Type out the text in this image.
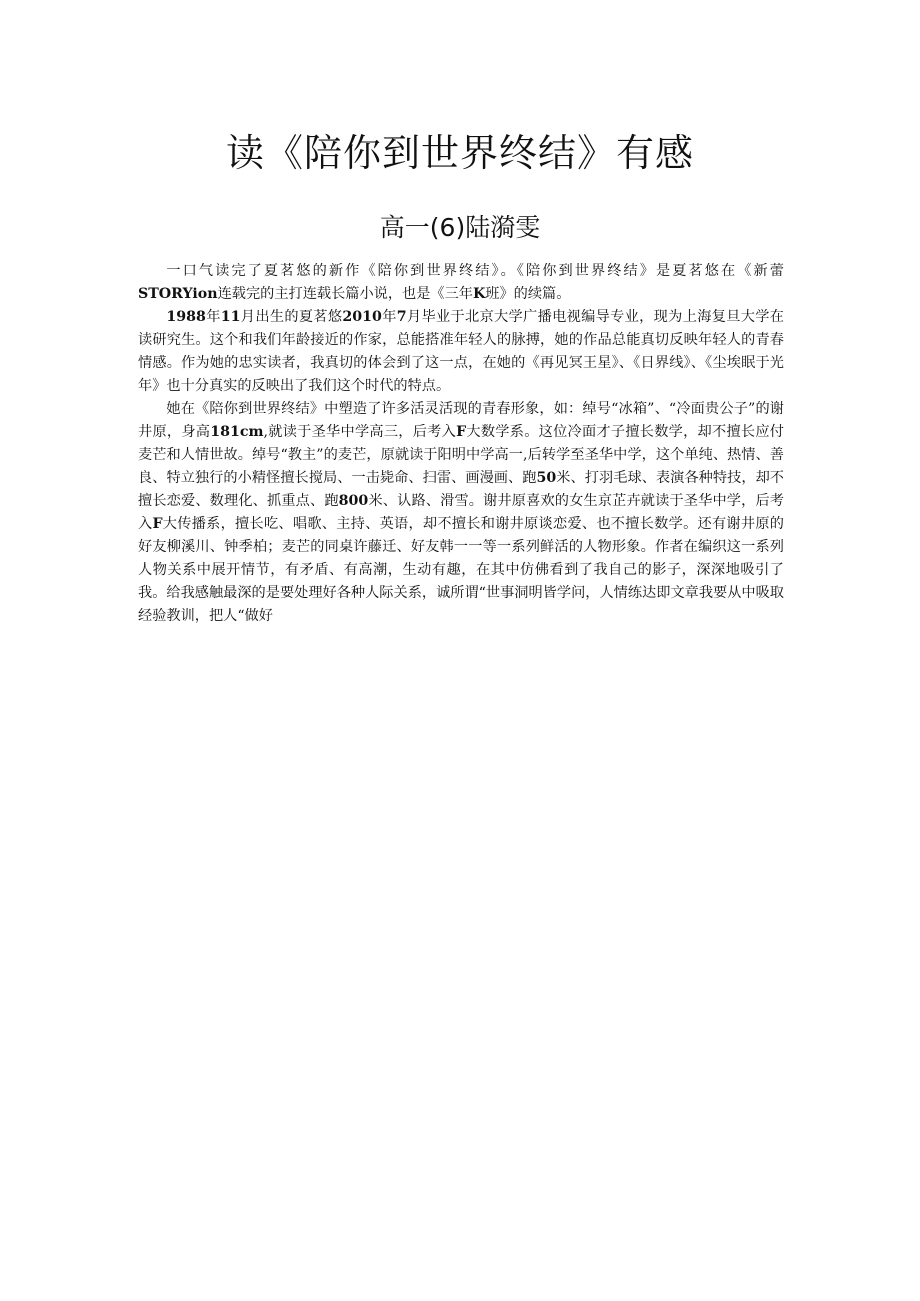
读《陪你到世界终结》有感
高一(6)陆漪雯

一口气读完了夏茗悠的新作《陪你到世界终结》。《陪你到世界终结》是夏茗悠在《新蕾STORYion连载完的主打连载长篇小说，也是《三年K班》的续篇。

1988年11月出生的夏茗悠2010年7月毕业于北京大学广播电视编导专业，现为上海复旦大学在读研究生。这个和我们年龄接近的作家，总能搭准年轻人的脉搏，她的作品总能真切反映年轻人的青春情感。作为她的忠实读者，我真切的体会到了这一点，在她的《再见冥王星》、《日界线》、《尘埃眠于光年》也十分真实的反映出了我们这个时代的特点。

她在《陪你到世界终结》中塑造了许多活灵活现的青春形象，如：绰号“冰箱”、“冷面贵公子”的谢井原，身高181cm,就读于圣华中学高三，后考入F大数学系。这位冷面才子擅长数学，却不擅长应付麦芒和人情世故。绰号“教主”的麦芒，原就读于阳明中学高一,后转学至圣华中学，这个单纯、热情、善良、特立独行的小精怪擅长搅局、一击毙命、扫雷、画漫画、跑50米、打羽毛球、表演各种特技，却不擅长恋爱、数理化、抓重点、跑800米、认路、滑雪。谢井原喜欢的女生京芷卉就读于圣华中学，后考入F大传播系，擅长吃、唱歌、主持、英语，却不擅长和谢井原谈恋爱、也不擅长数学。还有谢井原的好友柳溪川、钟季柏；麦芒的同桌许藤迁、好友韩一一等一系列鲜活的人物形象。作者在编织这一系列人物关系中展开情节，有矛盾、有高潮，生动有趣，在其中仿佛看到了我自己的影子，深深地吸引了我。给我感触最深的是要处理好各种人际关系，诚所谓“世事洞明皆学问，人情练达即文章我要从中吸取经验教训，把人“做好
